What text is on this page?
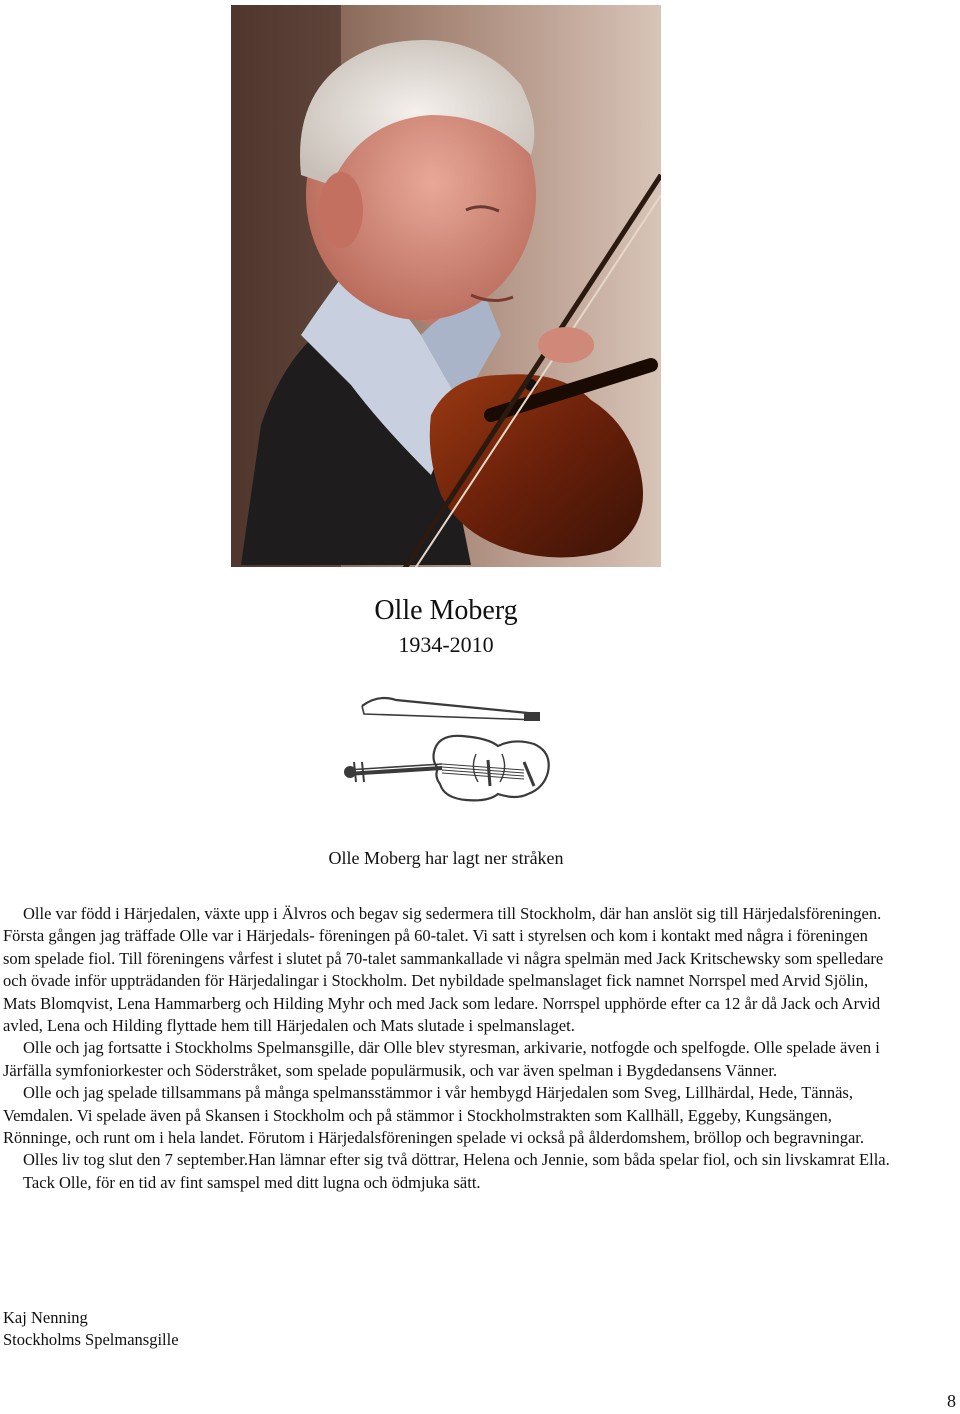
Olle Moberg
1934-2010
Olle Moberg har lagt ner stråken

Olle var född i Härjedalen, växte upp i Älvros och begav sig sedermera till Stockholm, där han anslöt sig till Härjedalsföreningen. Första gången jag träffade Olle var i Härjedals- föreningen på 60-talet. Vi satt i styrelsen och kom i kontakt med några i föreningen som spelade fiol. Till föreningens vårfest i slutet på 70-talet sammankallade vi några spelmän med Jack Kritschewsky som spelledare och övade inför uppträdanden för Härjedalingar i Stockholm. Det nybildade spelmanslaget fick namnet Norrspel med Arvid Sjölin, Mats Blomqvist, Lena Hammarberg och Hilding Myhr och med Jack som ledare. Norrspel upphörde efter ca 12 år då Jack och Arvid avled, Lena och Hilding flyttade hem till Härjedalen och Mats slutade i spelmanslaget.

Olle och jag fortsatte i Stockholms Spelmansgille, där Olle blev styresman, arkivarie, notfogde och spelfogde. Olle spelade även i Järfälla symfoniorkester och Söderstråket, som spelade populärmusik, och var även spelman i Bygdedansens Vänner.

Olle och jag spelade tillsammans på många spelmansstämmor i vår hembygd Härjedalen som Sveg, Lillhärdal, Hede, Tännäs, Vemdalen. Vi spelade även på Skansen i Stockholm och på stämmor i Stockholmstrakten som Kallhäll, Eggeby, Kungsängen, Rönninge, och runt om i hela landet. Förutom i Härjedalsföreningen spelade vi också på ålderdomshem, bröllop och begravningar.

Olles liv tog slut den 7 september.Han lämnar efter sig två döttrar, Helena och Jennie, som båda spelar fiol, och sin livskamrat Ella.

Tack Olle, för en tid av fint samspel med ditt lugna och ödmjuka sätt.

Kaj Nenning
Stockholms Spelmansgille
8
